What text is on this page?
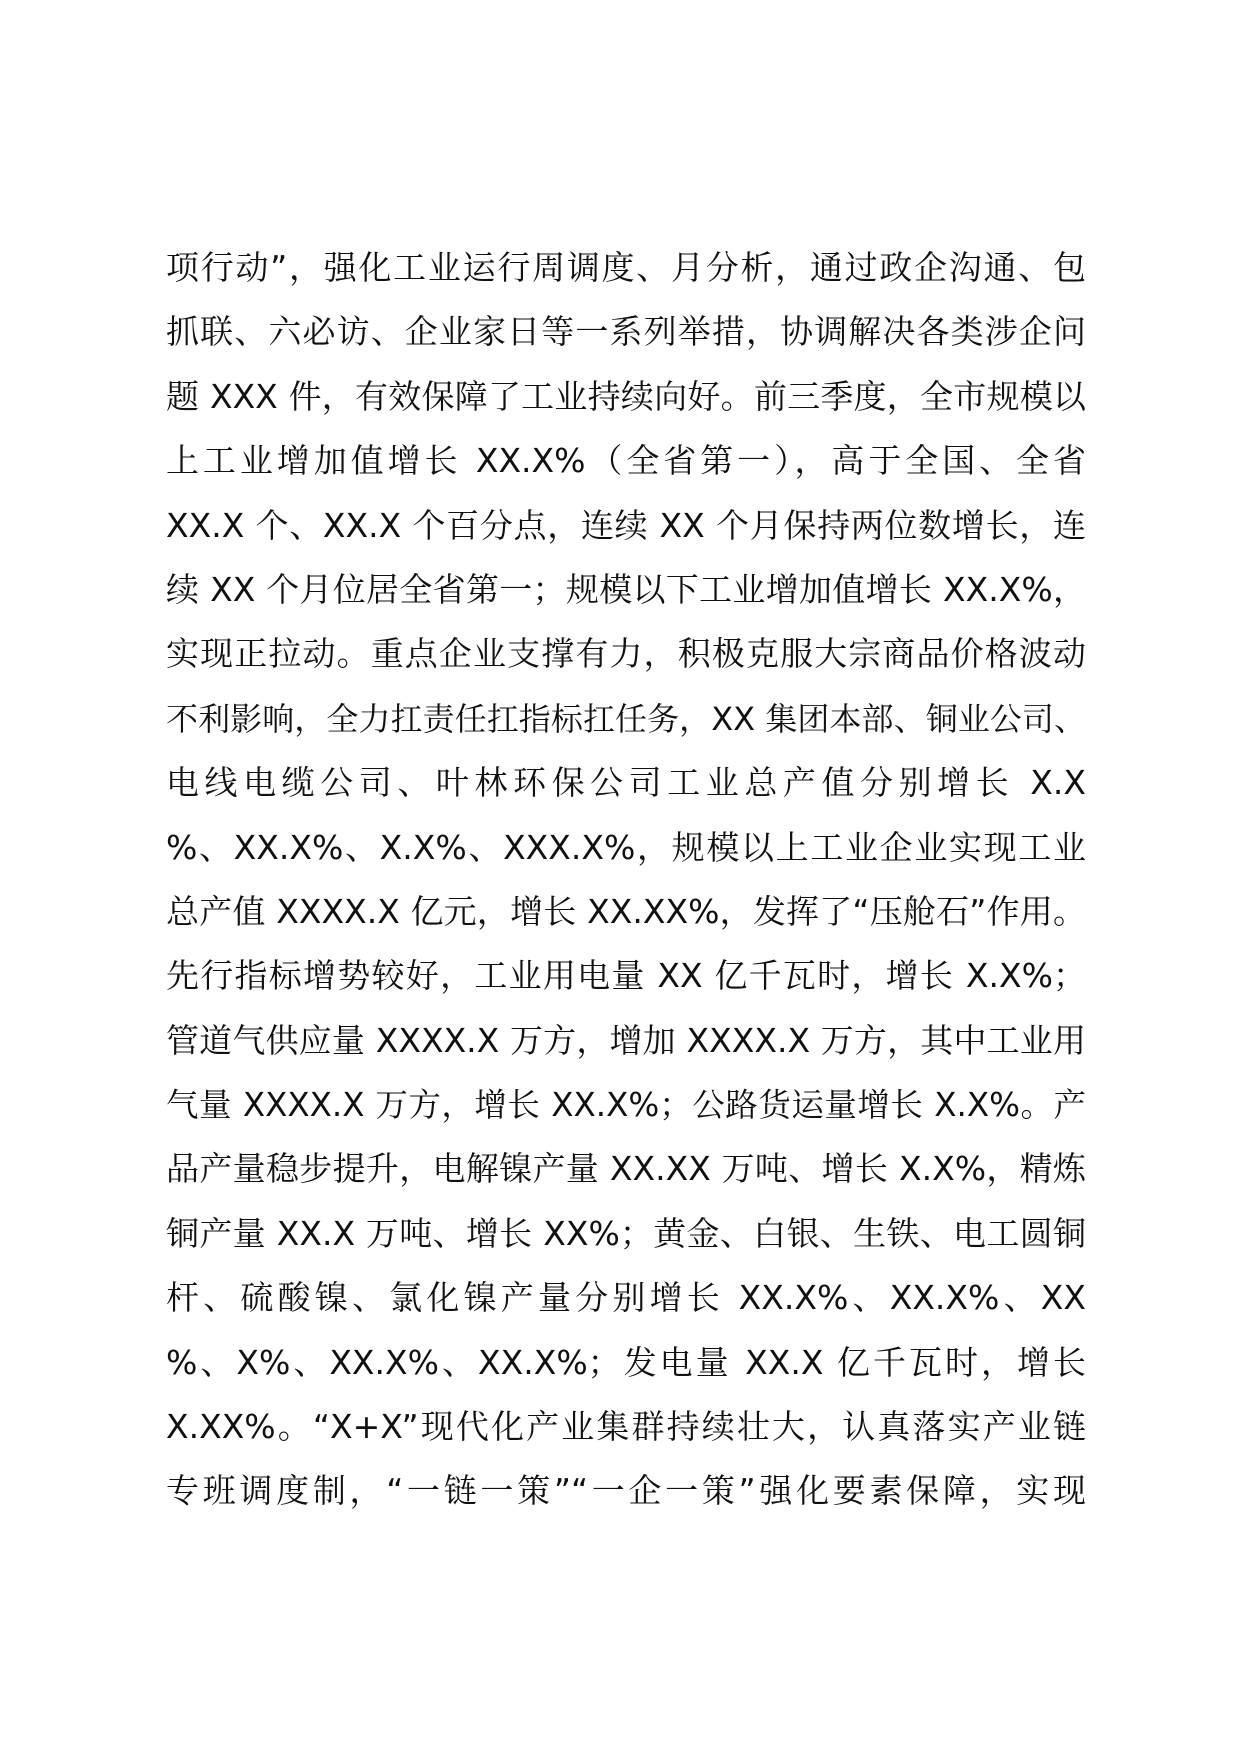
项行动”，强化工业运行周调度、月分析，通过政企沟通、包
抓联、六必访、企业家日等一系列举措，协调解决各类涉企问
题 XXX 件，有效保障了工业持续向好。前三季度，全市规模以
上工业增加值增长 XX.X%（全省第一），高于全国、全省
XX.X 个、XX.X 个百分点，连续 XX 个月保持两位数增长，连
续 XX 个月位居全省第一；规模以下工业增加值增长 XX.X%，
实现正拉动。重点企业支撑有力，积极克服大宗商品价格波动
不利影响，全力扛责任扛指标扛任务，XX 集团本部、铜业公司、
电线电缆公司、叶林环保公司工业总产值分别增长 X.X
%、XX.X%、X.X%、XXX.X%，规模以上工业企业实现工业
总产值 XXXX.X 亿元，增长 XX.XX%，发挥了“压舱石”作用。
先行指标增势较好，工业用电量 XX 亿千瓦时，增长 X.X%；
管道气供应量 XXXX.X 万方，增加 XXXX.X 万方，其中工业用
气量 XXXX.X 万方，增长 XX.X%；公路货运量增长 X.X%。产
品产量稳步提升，电解镍产量 XX.XX 万吨、增长 X.X%，精炼
铜产量 XX.X 万吨、增长 XX%；黄金、白银、生铁、电工圆铜
杆、硫酸镍、氯化镍产量分别增长 XX.X%、XX.X%、XX
%、X%、XX.X%、XX.X%；发电量 XX.X 亿千瓦时，增长
X.XX%。“X+X”现代化产业集群持续壮大，认真落实产业链
专班调度制，“一链一策”“一企一策”强化要素保障，实现
